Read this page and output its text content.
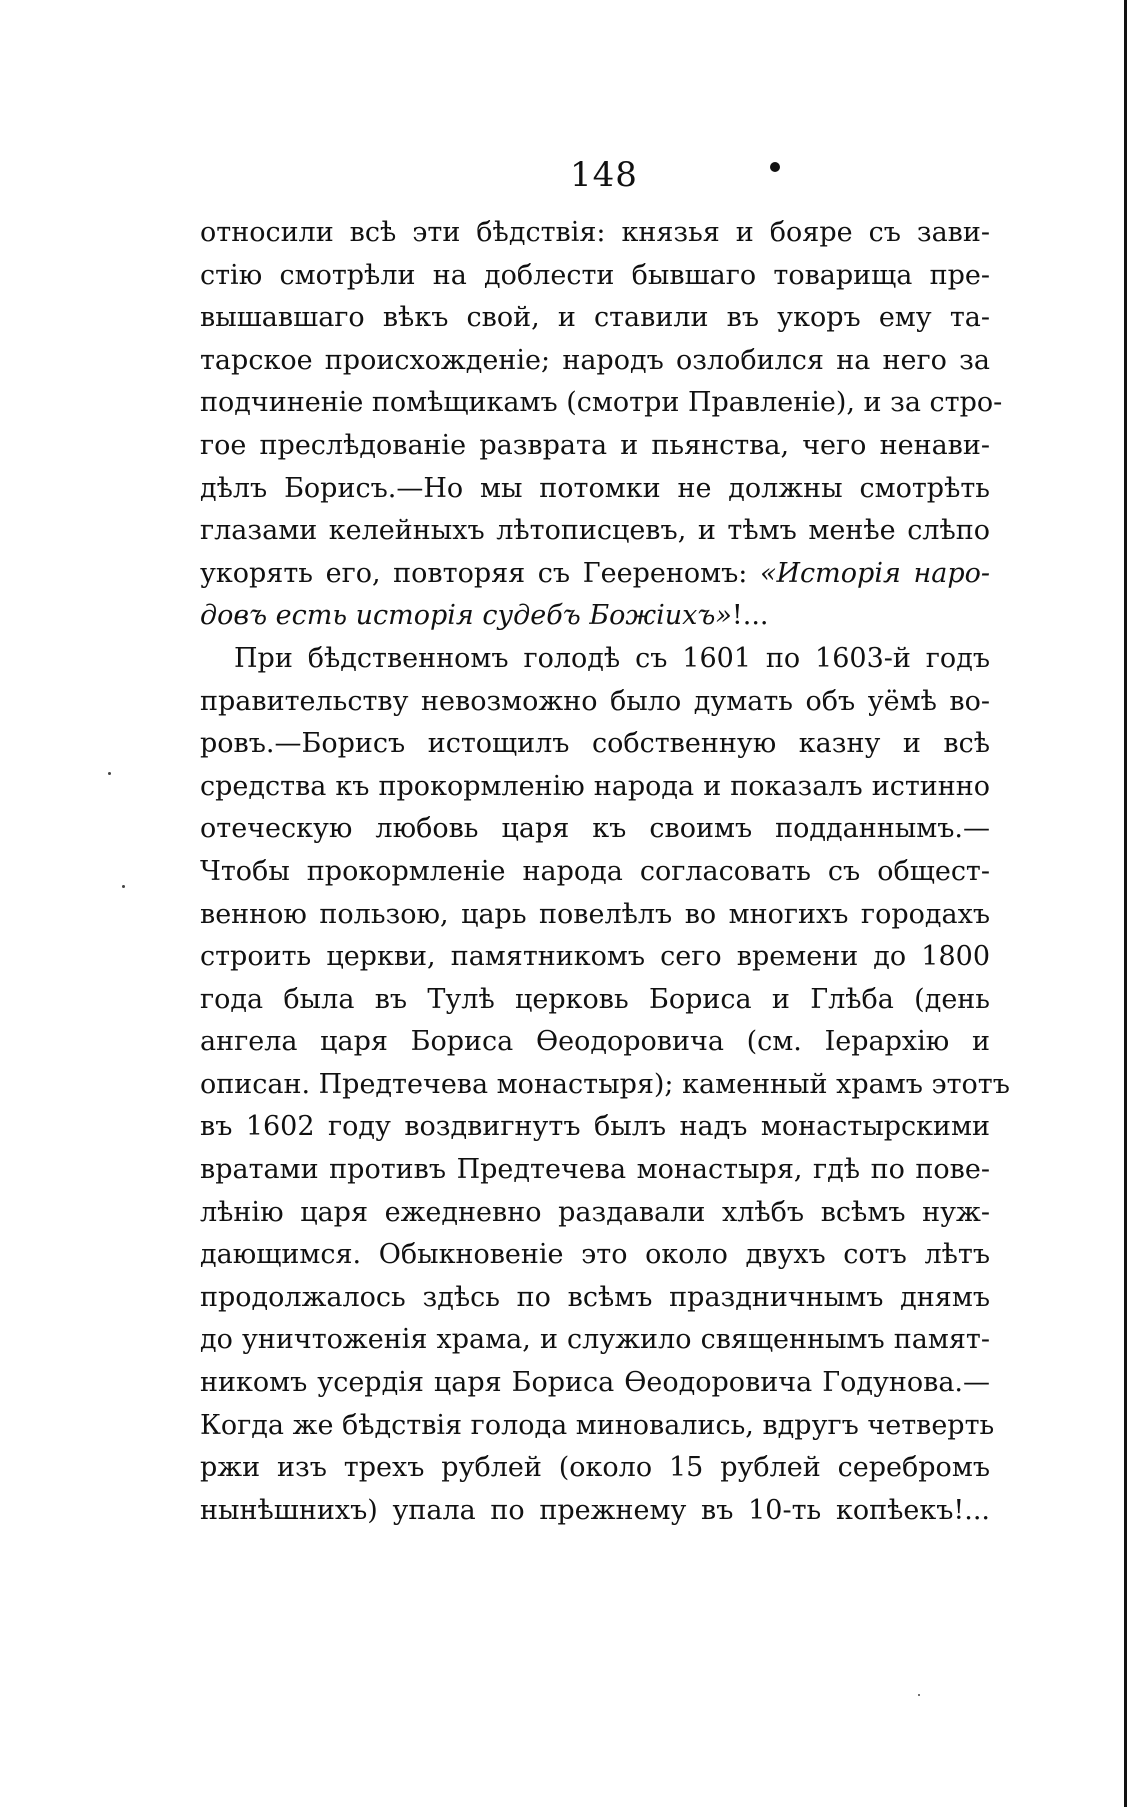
148
относили всѣ эти бѣдствія: князья и бояре съ зави-
стію смотрѣли на доблести бывшаго товарища пре-
вышавшаго вѣкъ свой, и ставили въ укоръ ему та-
тарское происхожденіе; народъ озлобился на него за
подчиненіе помѣщикамъ (смотри Правленіе), и за стро-
гое преслѣдованіе разврата и пьянства, чего ненави-
дѣлъ Борисъ.—Но мы потомки не должны смотрѣть
глазами келейныхъ лѣтописцевъ, и тѣмъ менѣе слѣпо
укорять его, повторяя съ Геереномъ: «Исторія наро-
довъ есть исторія судебъ Божіихъ»!...
При бѣдственномъ голодѣ съ 1601 по 1603-й годъ
правительству невозможно было думать объ уёмѣ во-
ровъ.—Борисъ истощилъ собственную казну и всѣ
средства къ прокормленію народа и показалъ истинно
отеческую любовь царя къ своимъ подданнымъ.—
Чтобы прокормленіе народа согласовать съ общест-
венною пользою, царь повелѣлъ во многихъ городахъ
строить церкви, памятникомъ сего времени до 1800
года была въ Тулѣ церковь Бориса и Глѣба (день
ангела царя Бориса Ѳеодоровича (см. Іерархію и
описан. Предтечева монастыря); каменный храмъ этотъ
въ 1602 году воздвигнутъ былъ надъ монастырскими
вратами противъ Предтечева монастыря, гдѣ по пове-
лѣнію царя ежедневно раздавали хлѣбъ всѣмъ нуж-
дающимся. Обыкновеніе это около двухъ сотъ лѣтъ
продолжалось здѣсь по всѣмъ праздничнымъ днямъ
до уничтоженія храма, и служило священнымъ памят-
никомъ усердія царя Бориса Ѳеодоровича Годунова.—
Когда же бѣдствія голода миновались, вдругъ четверть
ржи изъ трехъ рублей (около 15 рублей серебромъ
нынѣшнихъ) упала по прежнему въ 10-ть копѣекъ!...
